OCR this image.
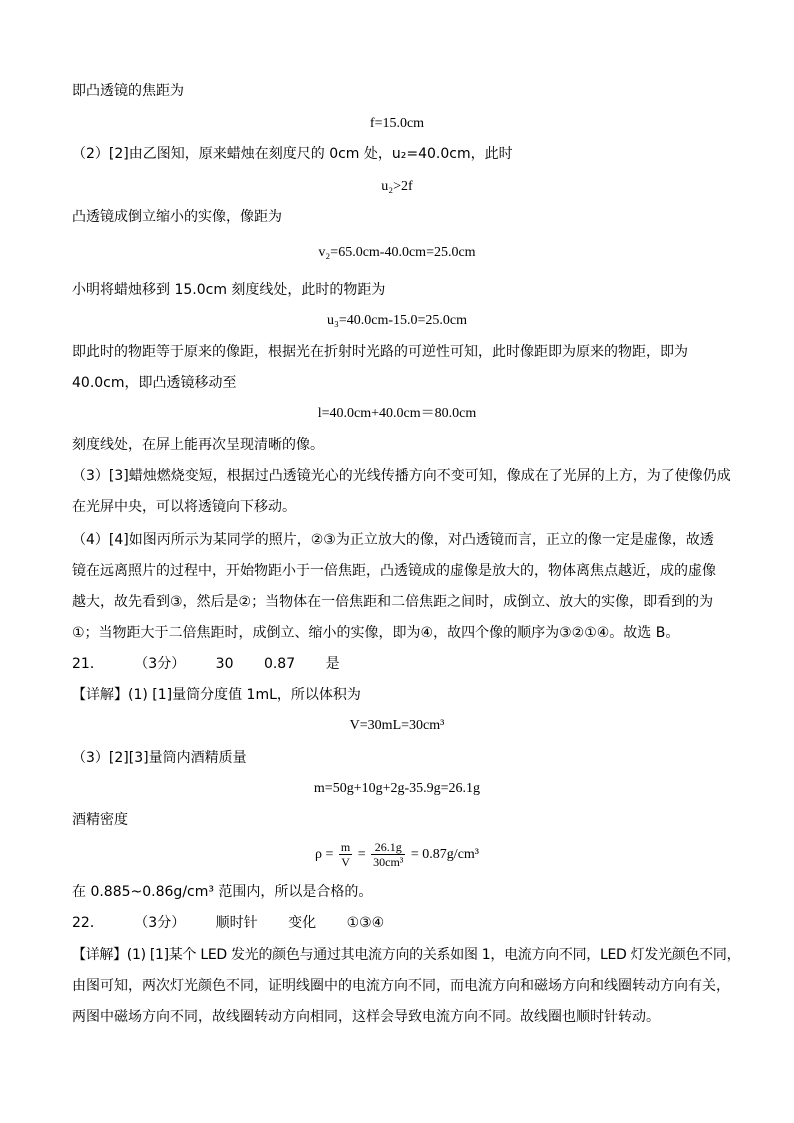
即凸透镜的焦距为
f=15.0cm
（2）[2]由乙图知，原来蜡烛在刻度尺的 0cm 处，u₂=40.0cm，此时
u₂>2f
凸透镜成倒立缩小的实像，像距为
v₂=65.0cm-40.0cm=25.0cm
小明将蜡烛移到 15.0cm 刻度线处，此时的物距为
u₃=40.0cm-15.0=25.0cm
即此时的物距等于原来的像距，根据光在折射时光路的可逆性可知，此时像距即为原来的物距，即为
40.0cm，即凸透镜移动至
l=40.0cm+40.0cm＝80.0cm
刻度线处，在屏上能再次呈现清晰的像。
（3）[3]蜡烛燃烧变短，根据过凸透镜光心的光线传播方向不变可知，像成在了光屏的上方，为了使像仍成
在光屏中央，可以将透镜向下移动。
（4）[4]如图丙所示为某同学的照片，②③为正立放大的像，对凸透镜而言，正立的像一定是虚像，故透
镜在远离照片的过程中，开始物距小于一倍焦距，凸透镜成的虚像是放大的，物体离焦点越近，成的虚像
越大，故先看到③，然后是②；当物体在一倍焦距和二倍焦距之间时，成倒立、放大的实像，即看到的为
①；当物距大于二倍焦距时，成倒立、缩小的实像，即为④，故四个像的顺序为③②①④。故选 B。
21． （3分） 30 0.87 是
【详解】(1) [1]量筒分度值 1mL，所以体积为
V=30mL=30cm³
（3）[2][3]量筒内酒精质量
m=50g+10g+2g-35.9g=26.1g
酒精密度
$\rho = \frac{m}{V} = \frac{26.1g}{\text{30cm³}} = 0.87g/cm^3$
在 0.885~0.86g/cm³ 范围内，所以是合格的。
22． （3分） 顺时针 变化 ①③④
【详解】(1) [1]某个 LED 发光的颜色与通过其电流方向的关系如图 1，电流方向不同，LED 灯发光颜色不同，
由图可知，两次灯光颜色不同，证明线圈中的电流方向不同，而电流方向和磁场方向和线圈转动方向有关，
两图中磁场方向不同，故线圈转动方向相同，这样会导致电流方向不同。故线圈也顺时针转动。
